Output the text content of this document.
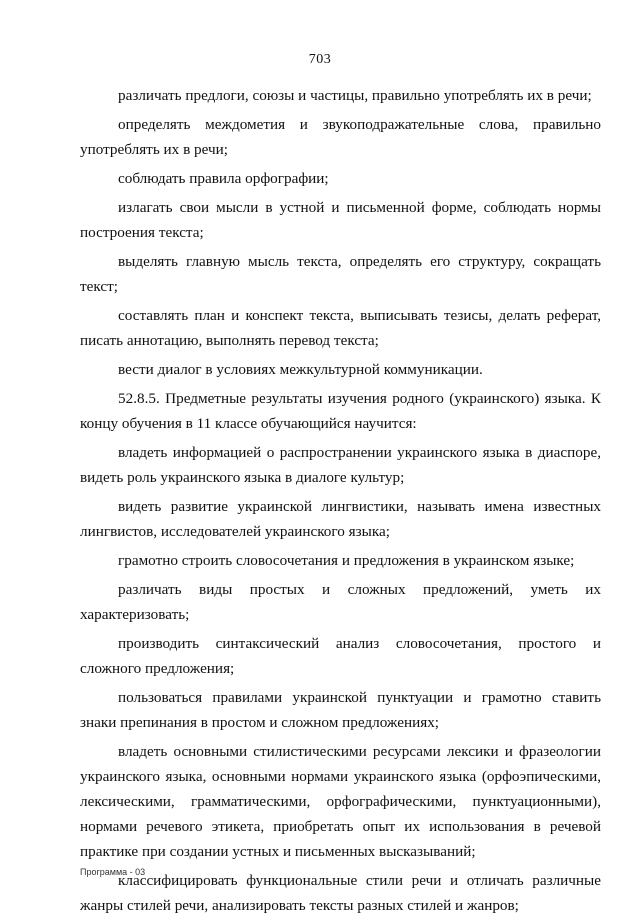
703

различать предлоги, союзы и частицы, правильно употреблять их в речи;

определять междометия и звукоподражательные слова, правильно употреблять их в речи;

соблюдать правила орфографии;

излагать свои мысли в устной и письменной форме, соблюдать нормы построения текста;

выделять главную мысль текста, определять его структуру, сокращать текст;

составлять план и конспект текста, выписывать тезисы, делать реферат, писать аннотацию, выполнять перевод текста;

вести диалог в условиях межкультурной коммуникации.

52.8.5. Предметные результаты изучения родного (украинского) языка. К концу обучения в 11 классе обучающийся научится:

владеть информацией о распространении украинского языка в диаспоре, видеть роль украинского языка в диалоге культур;

видеть развитие украинской лингвистики, называть имена известных лингвистов, исследователей украинского языка;

грамотно строить словосочетания и предложения в украинском языке;

различать виды простых и сложных предложений, уметь их характеризовать;

производить синтаксический анализ словосочетания, простого и сложного предложения;

пользоваться правилами украинской пунктуации и грамотно ставить знаки препинания в простом и сложном предложениях;

владеть основными стилистическими ресурсами лексики и фразеологии украинского языка, основными нормами украинского языка (орфоэпическими, лексическими, грамматическими, орфографическими, пунктуационными), нормами речевого этикета, приобретать опыт их использования в речевой практике при создании устных и письменных высказываний;

классифицировать функциональные стили речи и отличать различные жанры стилей речи, анализировать тексты разных стилей и жанров;

Программа - 03
